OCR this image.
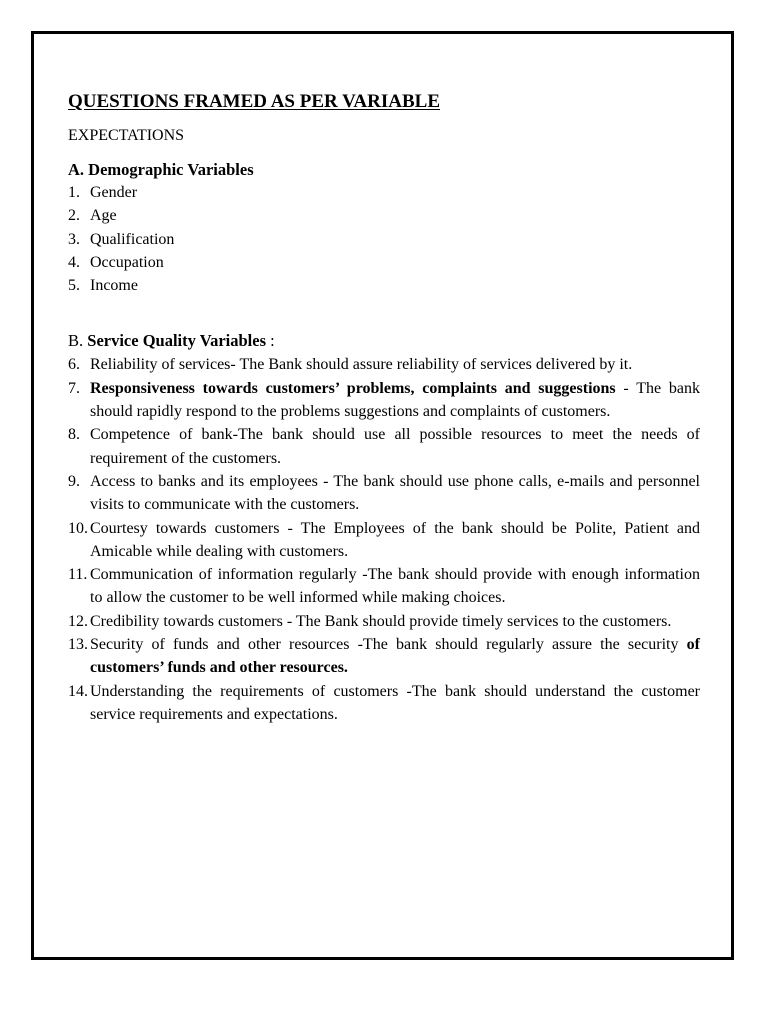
QUESTIONS FRAMED AS PER VARIABLE
EXPECTATIONS
A. Demographic Variables
1. Gender
2. Age
3. Qualification
4. Occupation
5. Income
B. Service Quality Variables :
6. Reliability of services- The Bank should assure reliability of services delivered by it.
7. Responsiveness towards customers’ problems, complaints and suggestions - The bank should rapidly respond to the problems suggestions and complaints of customers.
8. Competence of bank-The bank should use all possible resources to meet the needs of requirement of the customers.
9. Access to banks and its employees - The bank should use phone calls, e-mails and personnel visits to communicate with the customers.
10. Courtesy towards customers - The Employees of the bank should be Polite, Patient and Amicable while dealing with customers.
11. Communication of information regularly -The bank should provide with enough information to allow the customer to be well informed while making choices.
12. Credibility towards customers - The Bank should provide timely services to the customers.
13. Security of funds and other resources -The bank should regularly assure the security of customers’ funds and other resources.
14. Understanding the requirements of customers -The bank should understand the customer service requirements and expectations.
